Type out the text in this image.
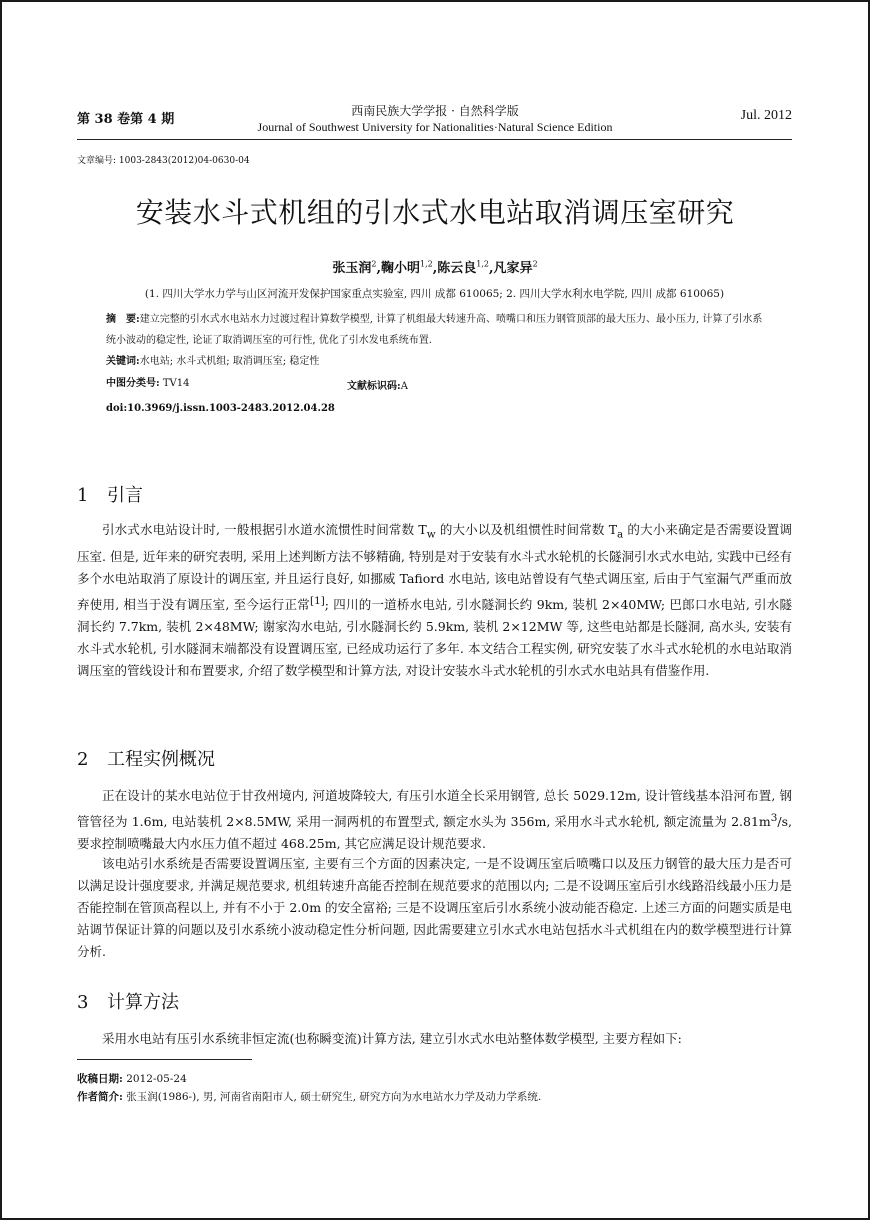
第 38 卷第 4 期
西南民族大学学报 · 自然科学版
Journal of Southwest University for Nationalities·Natural Science Edition
Jul. 2012
文章编号: 1003-2843(2012)04-0630-04
安装水斗式机组的引水式水电站取消调压室研究
张玉润$^2$,鞠小明$^{1,2}$,陈云良$^{1,2}$,凡家异$^2$
(1. 四川大学水力学与山区河流开发保护国家重点实验室, 四川 成都 610065; 2. 四川大学水利水电学院, 四川 成都 610065)
摘　要:建立完整的引水式水电站水力过渡过程计算数学模型, 计算了机组最大转速升高、喷嘴口和压力钢管顶部的最大压力、最小压力, 计算了引水系统小波动的稳定性, 论证了取消调压室的可行性, 优化了引水发电系统布置.
关键词:水电站; 水斗式机组; 取消调压室; 稳定性
中图分类号: TV14	文献标识码:A
doi:10.3969/j.issn.1003-2483.2012.04.28
1 引言
引水式水电站设计时, 一般根据引水道水流惯性时间常数 $T_w$ 的大小以及机组惯性时间常数 $T_a$ 的大小来确定是否需要设置调压室. 但是, 近年来的研究表明, 采用上述判断方法不够精确, 特别是对于安装有水斗式水轮机的长隧洞引水式水电站, 实践中已经有多个水电站取消了原设计的调压室, 并且运行良好, 如挪威 Tafiord 水电站, 该电站曾设有气垫式调压室, 后由于气室漏气严重而放弃使用, 相当于没有调压室, 至今运行正常[1]; 四川的一道桥水电站, 引水隧洞长约 9km, 装机 2×40MW; 巴郎口水电站, 引水隧洞长约 7.7km, 装机 2×48MW; 谢家沟水电站, 引水隧洞长约 5.9km, 装机 2×12MW 等, 这些电站都是长隧洞, 高水头, 安装有水斗式水轮机, 引水隧洞末端都没有设置调压室, 已经成功运行了多年. 本文结合工程实例, 研究安装了水斗式水轮机的水电站取消调压室的管线设计和布置要求, 介绍了数学模型和计算方法, 对设计安装水斗式水轮机的引水式水电站具有借鉴作用.
2 工程实例概况
正在设计的某水电站位于甘孜州境内, 河道坡降较大, 有压引水道全长采用钢管, 总长 5029.12m, 设计管线基本沿河布置, 钢管管径为 1.6m, 电站装机 2×8.5MW, 采用一洞两机的布置型式, 额定水头为 356m, 采用水斗式水轮机, 额定流量为 $2.81m^3/s$, 要求控制喷嘴最大内水压力值不超过 468.25m, 其它应满足设计规范要求.
该电站引水系统是否需要设置调压室, 主要有三个方面的因素决定, 一是不设调压室后喷嘴口以及压力钢管的最大压力是否可以满足设计强度要求, 并满足规范要求, 机组转速升高能否控制在规范要求的范围以内; 二是不设调压室后引水线路沿线最小压力是否能控制在管顶高程以上, 并有不小于 2.0m 的安全富裕; 三是不设调压室后引水系统小波动能否稳定. 上述三方面的问题实质是电站调节保证计算的问题以及引水系统小波动稳定性分析问题, 因此需要建立引水式水电站包括水斗式机组在内的数学模型进行计算分析.
3 计算方法
采用水电站有压引水系统非恒定流(也称瞬变流)计算方法, 建立引水式水电站整体数学模型, 主要方程如下:
收稿日期: 2012-05-24
作者简介: 张玉润(1986-), 男, 河南省南阳市人, 硕士研究生, 研究方向为水电站水力学及动力学系统.
